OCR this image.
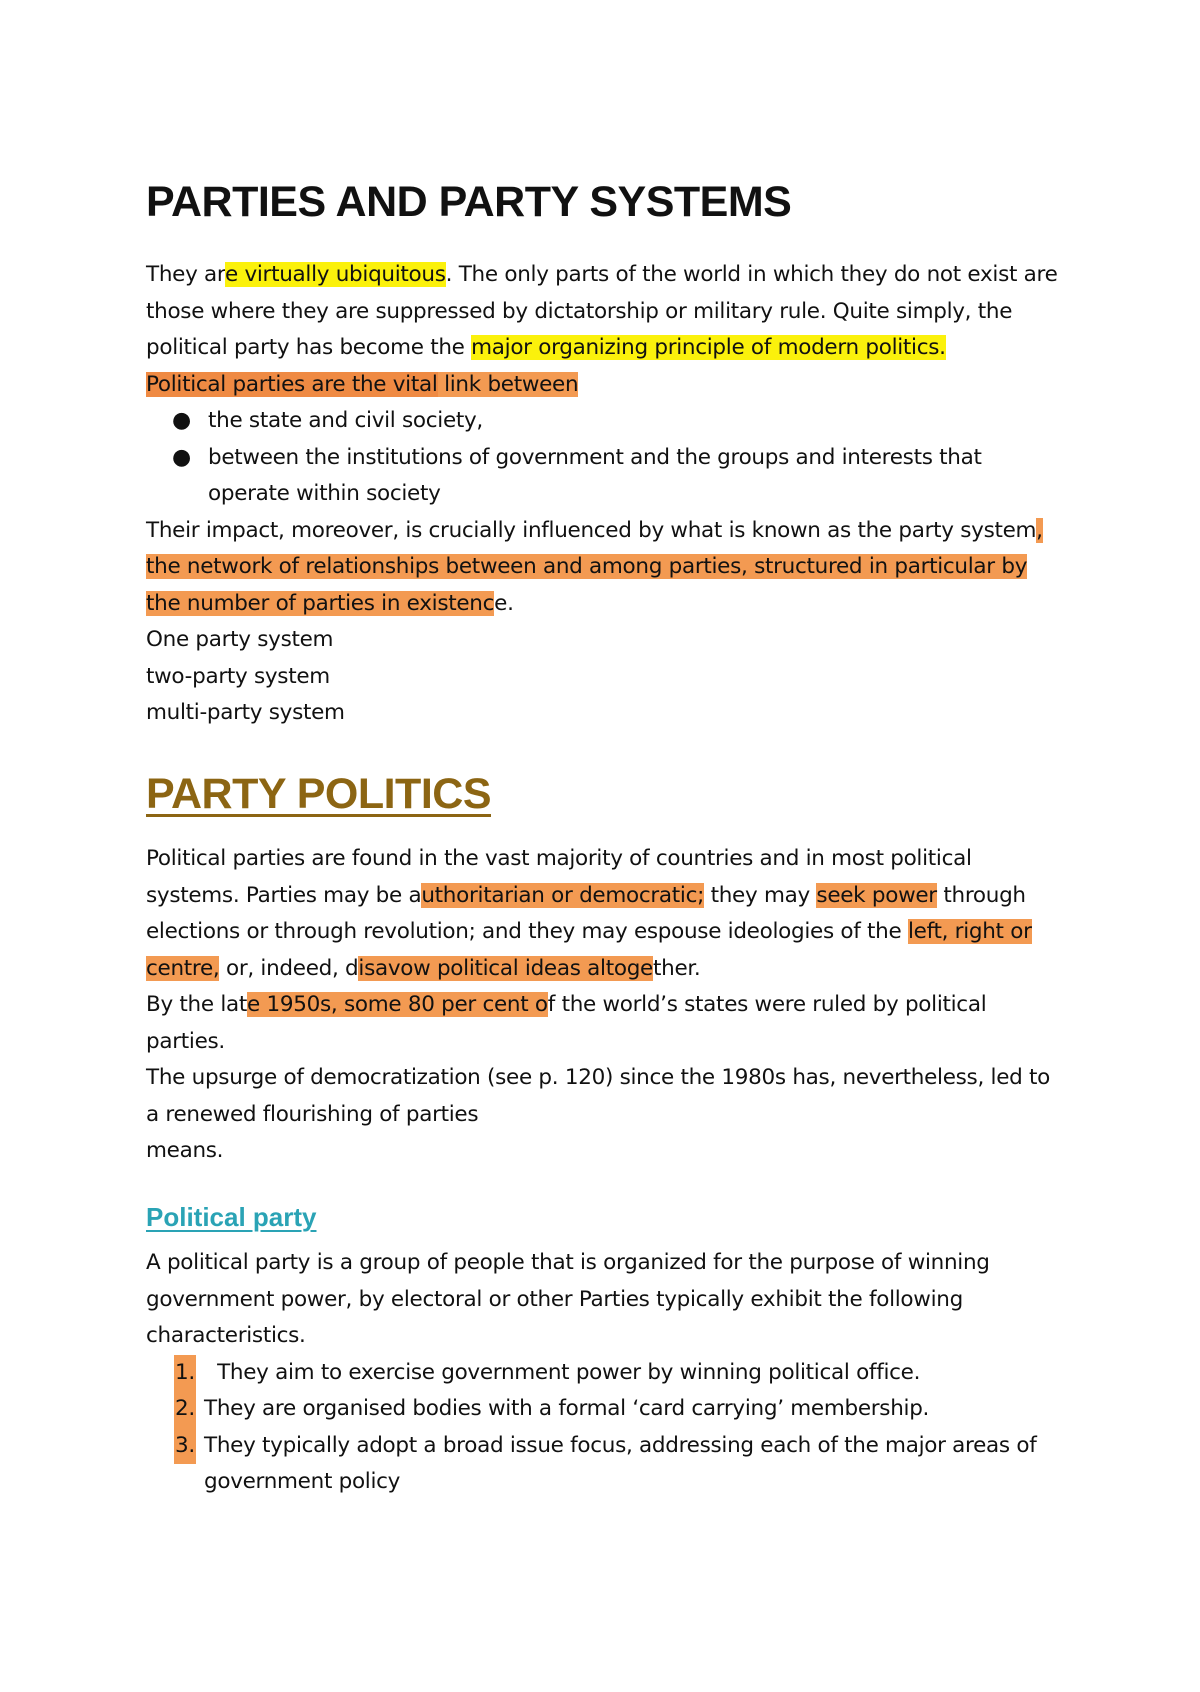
PARTIES AND PARTY SYSTEMS

They are virtually ubiquitous. The only parts of the world in which they do not exist are those where they are suppressed by dictatorship or military rule. Quite simply, the political party has become the major organizing principle of modern politics.
Political parties are the vital link between

● the state and civil society,
● between the institutions of government and the groups and interests that operate within society

Their impact, moreover, is crucially influenced by what is known as the party system, the network of relationships between and among parties, structured in particular by the number of parties in existence.

One party system

two-party system

multi-party system

PARTY POLITICS

Political parties are found in the vast majority of countries and in most political systems. Parties may be authoritarian or democratic; they may seek power through elections or through revolution; and they may espouse ideologies of the left, right or centre, or, indeed, disavow political ideas altogether.

By the late 1950s, some 80 per cent of the world’s states were ruled by political parties.

The upsurge of democratization (see p. 120) since the 1980s has, nevertheless, led to a renewed flourishing of parties

means.

Political party

A political party is a group of people that is organized for the purpose of winning government power, by electoral or other Parties typically exhibit the following characteristics.

1. They aim to exercise government power by winning political office.
2. They are organised bodies with a formal ‘card carrying’ membership.
3. They typically adopt a broad issue focus, addressing each of the major areas of government policy
